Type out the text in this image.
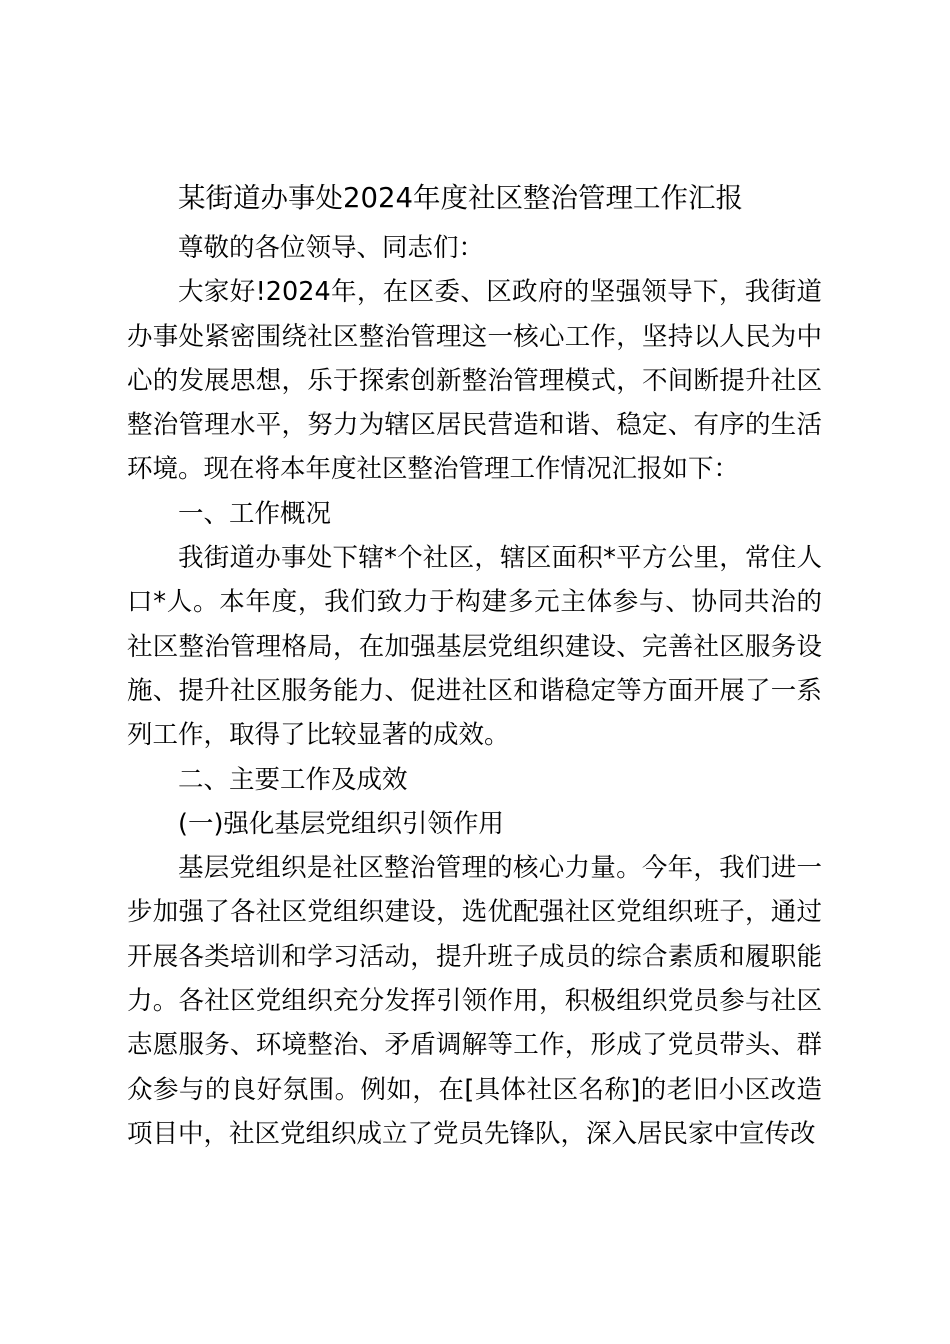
某街道办事处2024年度社区整治管理工作汇报

尊敬的各位领导、同志们：

大家好!2024年，在区委、区政府的坚强领导下，我街道办事处紧密围绕社区整治管理这一核心工作，坚持以人民为中心的发展思想，乐于探索创新整治管理模式，不间断提升社区整治管理水平，努力为辖区居民营造和谐、稳定、有序的生活环境。现在将本年度社区整治管理工作情况汇报如下：

一、工作概况

我街道办事处下辖*个社区，辖区面积*平方公里，常住人口*人。本年度，我们致力于构建多元主体参与、协同共治的社区整治管理格局，在加强基层党组织建设、完善社区服务设施、提升社区服务能力、促进社区和谐稳定等方面开展了一系列工作，取得了比较显著的成效。

二、主要工作及成效

(一)强化基层党组织引领作用

基层党组织是社区整治管理的核心力量。今年，我们进一步加强了各社区党组织建设，选优配强社区党组织班子，通过开展各类培训和学习活动，提升班子成员的综合素质和履职能力。各社区党组织充分发挥引领作用，积极组织党员参与社区志愿服务、环境整治、矛盾调解等工作，形成了党员带头、群众参与的良好氛围。例如，在[具体社区名称]的老旧小区改造项目中，社区党组织成立了党员先锋队，深入居民家中宣传改
